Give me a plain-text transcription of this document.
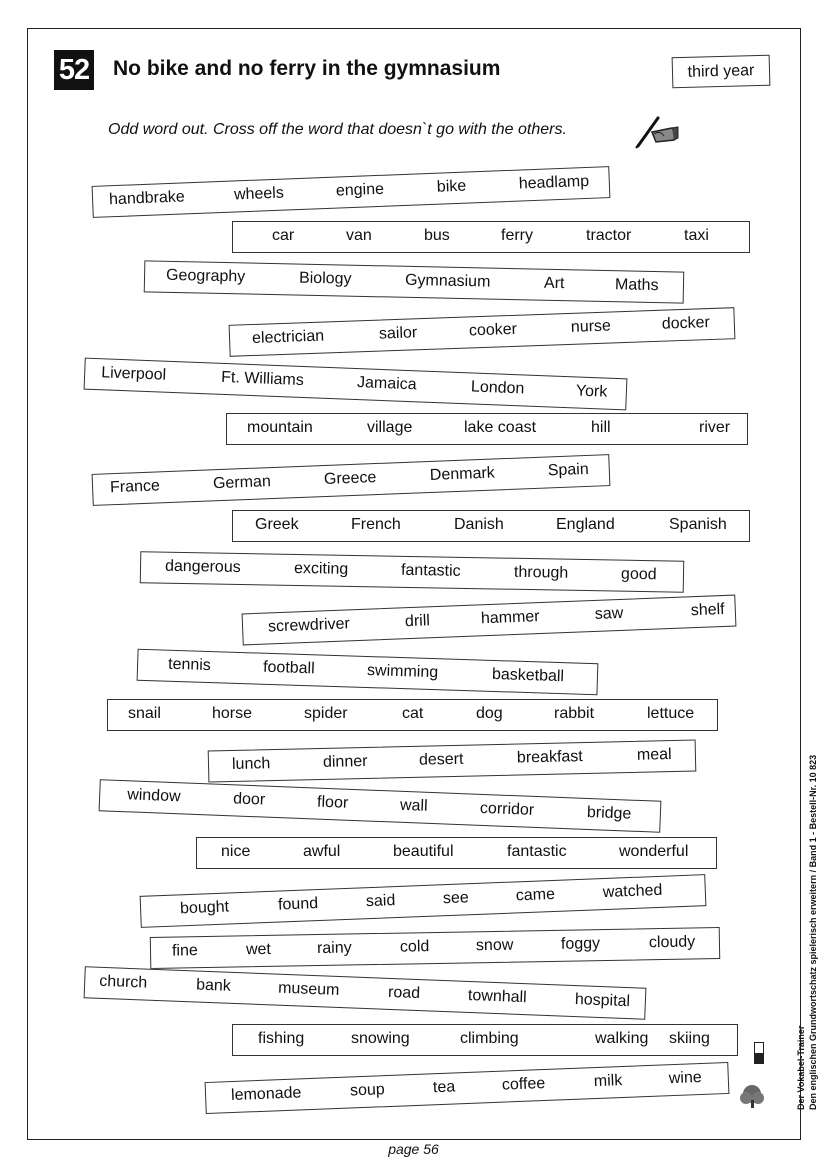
52 No bike and no ferry in the gymnasium	third year
Odd word out. Cross off the word that doesn`t go with the others.
handbrake	wheels	engine	bike	headlamp
car	van	bus	ferry	tractor	taxi
Geography	Biology	Gymnasium	Art	Maths
electrician	sailor	cooker	nurse	docker
Liverpool	Ft. Williams	Jamaica	London	York
mountain	village	lake coast	hill	river
France	German	Greece	Denmark	Spain
Greek	French	Danish	England	Spanish
dangerous	exciting	fantastic	through	good
screwdriver	drill	hammer	saw	shelf
tennis	football	swimming	basketball
snail	horse	spider	cat	dog	rabbit	lettuce
lunch	dinner	desert	breakfast	meal
window	door	floor	wall	corridor	bridge
nice	awful	beautiful	fantastic	wonderful
bought	found	said	see	came	watched
fine	wet	rainy	cold	snow	foggy	cloudy
church	bank	museum	road	townhall	hospital
fishing	snowing	climbing	walking skiing
lemonade	soup	tea	coffee	milk	wine	Der Vokabel-Trainer Den englischen Grundwortschatz spielerisch erweitern / Band 1 - Bestell-Nr. 10 823
page 56
